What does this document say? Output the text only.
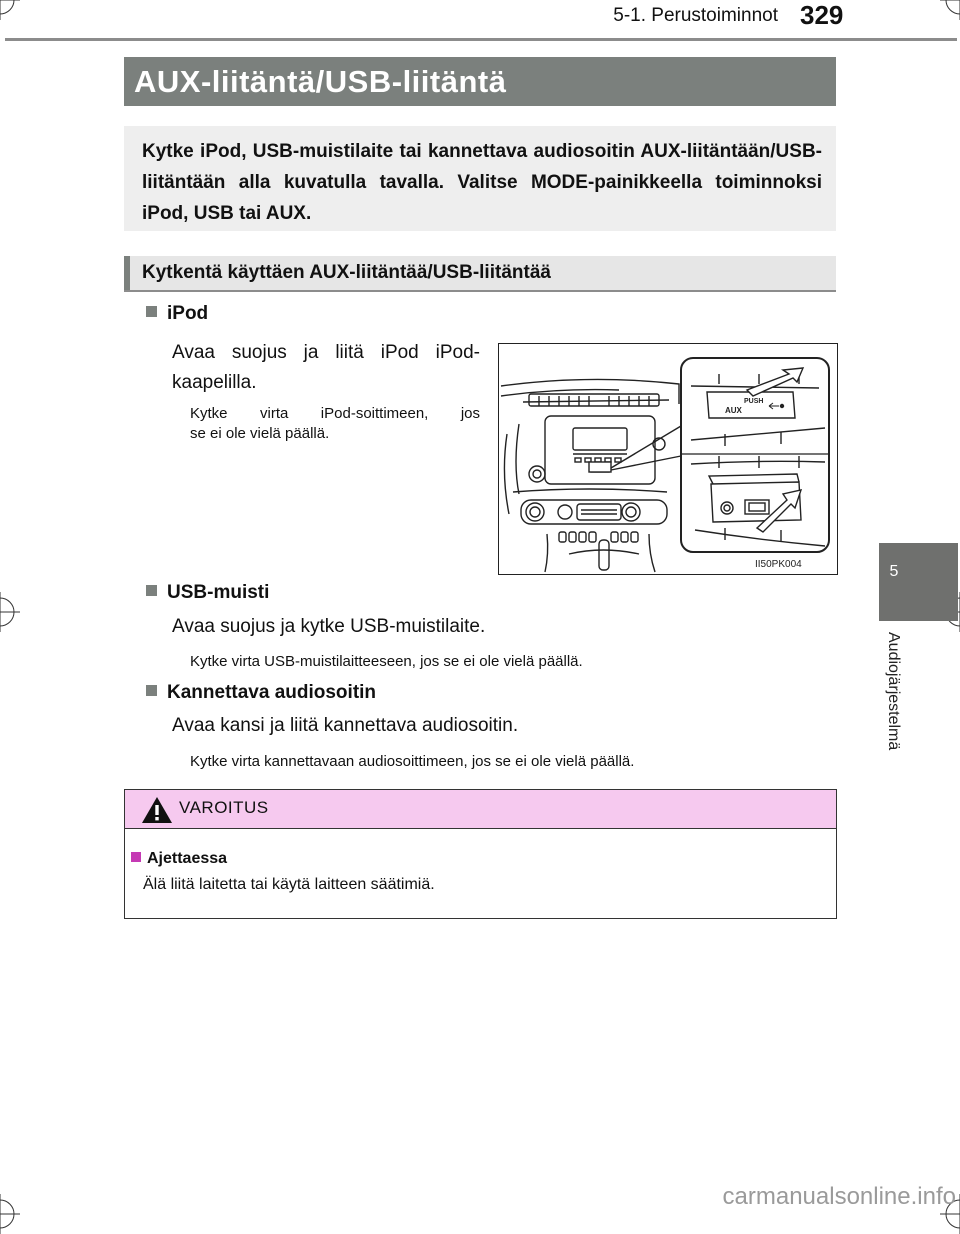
5-1. Perustoiminnot 329
5
Audiojärjestelmä
AUX-liitäntä/USB-liitäntä

Kytke iPod, USB-muistilaite tai kannettava audiosoitin AUX-liitäntään/USB-liitäntään alla kuvatulla tavalla. Valitse MODE-painikkeella toiminnoksi iPod, USB tai AUX.

Kytkentä käyttäen AUX-liitäntää/USB-liitäntää
iPod
Avaa suojus ja liitä iPod iPod-
kaapelilla.
Kytke virta iPod-soittimeen, jos
se ei ole vielä päällä.
PUSH
AUX
II50PK004
USB-muisti
Avaa suojus ja kytke USB-muistilaite.
Kytke virta USB-muistilaitteeseen, jos se ei ole vielä päällä.
Kannettava audiosoitin
Avaa kansi ja liitä kannettava audiosoitin.
Kytke virta kannettavaan audiosoittimeen, jos se ei ole vielä päällä.
VAROITUS
Ajettaessa
Älä liitä laitetta tai käytä laitteen säätimiä.
carmanualsonline.info
